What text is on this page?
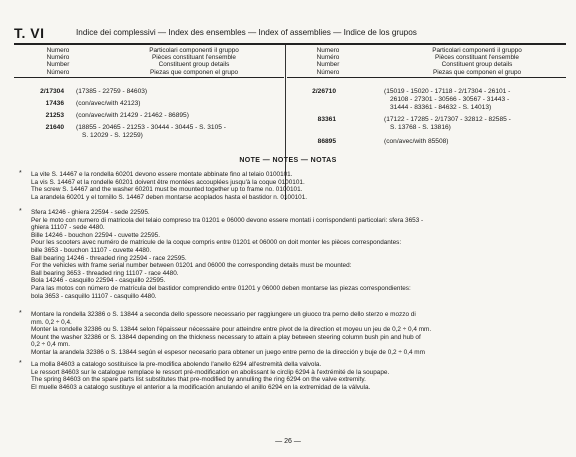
T. VI	Indice dei complessivi — Index des ensembles — Index of assemblies — Indice de los grupos
Numero
Numéro
Number
Número
Particolari componenti il gruppo
Pièces constituant l'ensemble
Constituent group details
Piezas que componen el grupo
Numero
Numéro
Number
Número
Particolari componenti il gruppo
Pièces constituant l'ensemble
Constituent group details
Piezas que componen el grupo
2/17304 (17385 - 22759 - 84603)
17436 (con/avec/with 42123)
21253 (con/avec/with 21429 - 21462 - 86895)
21640 (18855 - 20465 - 21253 - 30444 - 30445 - S. 3105 -
S. 12029 - S. 12259)
2/26710	(15019 - 15020 - 17118 - 2/17304 - 26101 -
26108 - 27301 - 30566 - 30567 - 31443 -
31444 - 83361 - 84632 - S. 14013)
83361	(17122 - 17285 - 2/17307 - 32812 - 82585 -
S. 13768 - S. 13816)
86895	(con/avec/with 85508)
NOTE — NOTES — NOTAS
* La vite S. 14467 e la rondella 60201 devono essere montate abbinate fino al telaio 0100101.
La vis S. 14467 et la rondelle 60201 doivent être montées accouplées jusqu'à la coque 0100101.
The screw S. 14467 and the washer 60201 must be mounted together up to frame no. 0100101.
La arandela 60201 y el tornillo S. 14467 deben montarse acoplados hasta el bastidor n. 0100101.
* Sfera 14246 - ghiera 22594 - sede 22595.
Per le moto con numero di matricola del telaio compreso tra 01201 e 06000 devono essere montati i corrispondenti particolari: sfera 3653 -
ghiera 11107 - sede 4480.
Bille 14246 - bouchon 22594 - cuvette 22595.
Pour les scooters avec numéro de matricule de la coque compris entre 01201 et 06000 on doit monter les pièces correspondantes:
bille 3653 - bouchon 11107 - cuvette 4480.
Ball bearing 14246 - threaded ring 22594 - race 22595.
For the vehicles with frame serial number between 01201 and 06000 the corresponding details must be mounted:
Ball bearing 3653 - threaded ring 11107 - race 4480.
Bola 14246 - casquillo 22594 - casquillo 22595.
Para las motos con número de matrícula del bastidor comprendido entre 01201 y 06000 deben montarse las piezas correspondientes:
bola 3653 - casquillo 11107 - casquillo 4480.
* Montare la rondella 32386 o S. 13844 a seconda dello spessore necessario per raggiungere un giuoco tra perno dello sterzo e mozzo di
mm. 0,2 ÷ 0,4.
Monter la rondelle 32386 ou S. 13844 selon l'épaisseur nécessaire pour atteindre entre pivot de la direction et moyeu un jeu de 0,2 ÷ 0,4 mm.
Mount the washer 32386 or S. 13844 depending on the thickness necessary to attain a play between steering column bush pin and hub of
0,2 ÷ 0,4 mm.
Montar la arandela 32386 o S. 13844 según el espesor necesario para obtener un juego entre perno de la dirección y buje de 0,2 ÷ 0,4 mm
* La molla 84603 a catalogo sostituisce la pre-modifica abolendo l'anello 6294 all'estremità della valvola.
Le ressort 84603 sur le catalogue remplace le ressort pré-modification en abolissant le circlip 6294 à l'extrémité de la soupape.
The spring 84603 on the spare parts list substitutes that pre-modified by annulling the ring 6294 on the valve extremity.
El muelle 84603 a catalogo sustituye el anterior a la modificación anulando el anillo 6294 en la extremidad de la válvula.
— 26 —
